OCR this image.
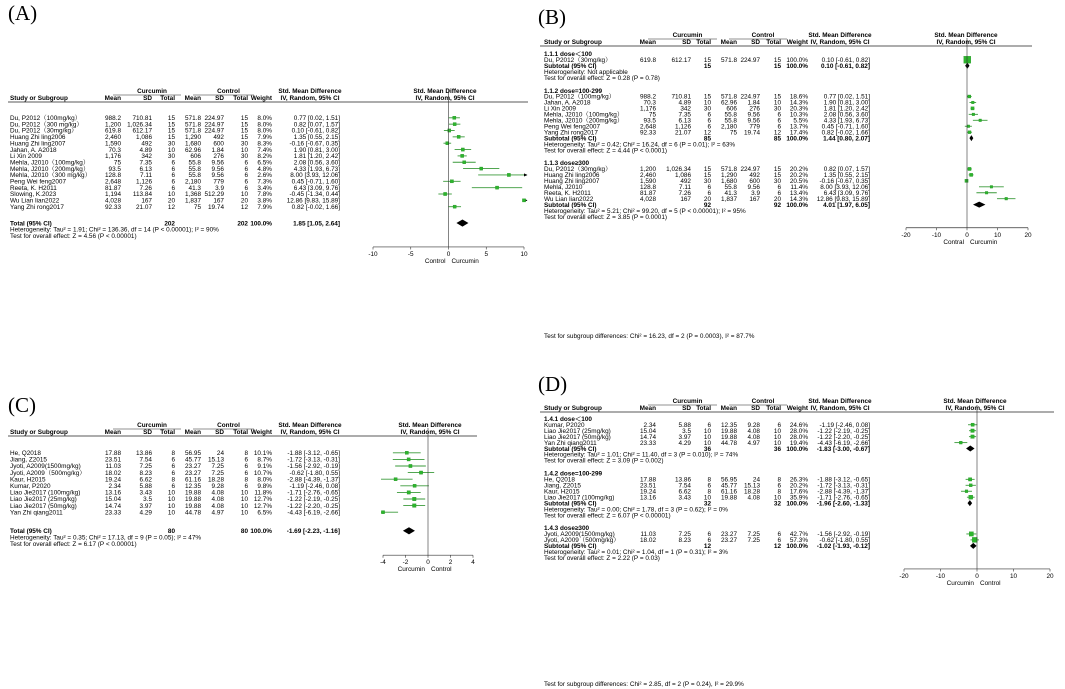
(A)
Curcumin	Control
Study or Subgroup	Mean	SD Total Mean SD Total Weight
Std. Mean Difference
IV, Random, 95% CI
Std. Mean Difference
IV, Random, 95% CI
Du, P2012（100mg/kg）	988.2 710.81 15 571.8 224.97	15 8.0%	0.77 [0.02, 1.51]
Du, P2012（300 mg/kg）	1,200 1,026.34 15 571.8 224.97	15 8.0%	0.82 [0.07, 1.57]
Du, P2012（30mg/kg）	619.8 612.17 15 571.8 224.97	15 8.0%	0.10 [-0.61, 0.82]
Huang Zhi ling2006	2,460 1,086 15 1,290 492	15 7.9%	1.35 [0.55, 2.15]
Huang Zhi ling2007	1,590	492 30 1,680 600	30 8.3%	-0.16 [-0.67, 0.35]
Jahan, A. A2018	70.3	4.89 10 62.96 1.84	10 7.4%	1.90 [0.81, 3.00]
Li Xin 2009	1,176	342 30 606 276	30 8.2%	1.81 [1.20, 2.42]
Mehla, J2010（100mg/kg）	75	7.35	6 55.8 9.56	6 6.5%	2.08 [0.56, 3.60]
Mehla, J2010（200mg/kg）	93.5	6.13	6 55.8 9.56	6 4.8%	4.33 [1.93, 6.73]
Mehla, J2010（300 mg/kg） 128.8	7.11	6 55.8 9.56	6 2.6%	8.00 [3.93, 12.06]
Peng Wei feng2007	2,648 1,126	6 2,180 779	6 7.3%	0.45 [-0.71, 1.60]
Reeta, K. H2011	81.87	7.26	6 41.3 3.9	6 3.4%	6.43 [3.09, 9.76]
Slowing, K.2023	1,194 113.84 10 1,368 512.29	10 7.8%	-0.45 [-1.34, 0.44]
Wu Lian lian2022	4,028	167 20 1,837 167	20 3.8% 12.86 [9.83, 15.89]
Yang Zhi rong2017	92.33 21.07 12	75 19.74	12 7.9%	0.82 [-0.02, 1.66]
Total (95% CI)	202	202 100.0%	1.85 [1.05, 2.64]
Heterogeneity: Tau² = 1.91; Chi² = 136.36, df = 14 (P < 0.00001); I² = 90%
Test for overall effect: Z = 4.56 (P < 0.00001)
-10	-5	0	5	10
Control Curcumin
(B)
Curcumin	Control
Study or Subgroup	Mean	SD Total Mean SD Total Weight
Std. Mean Difference
IV, Random, 95% CI
Std. Mean Difference
IV, Random, 95% CI
1.1.1 dose＜100
Du, P2012（30mg/kg）	619.8 612.17 15 571.8 224.97 15 100.0% 0.10 [-0.61, 0.82]
Subtotal (95% CI)	15	15 100.0% 0.10 [-0.61, 0.82]
Heterogeneity: Not applicable
Test for overall effect: Z = 0.28 (P = 0.78)
1.1.2 dose=100-299
Du, P2012（100mg/kg）	988.2 710.81 15 571.8 224.97 15 18.6% 0.77 [0.02, 1.51]
Jahan, A. A2018	70.3	4.89 10 62.96 1.84 10 14.3% 1.90 [0.81, 3.00]
Li Xin 2009	1,176	342 30 606 276 30 20.3% 1.81 [1.20, 2.42]
Mehla, J2010（100mg/kg）	75	7.35	6 55.8 9.56	6 10.3% 2.08 [0.56, 3.60]
Mehla, J2010（200mg/kg）	93.5	6.13	6 55.8 9.56	6 5.5% 4.33 [1.93, 6.73]
Peng Wei feng2007	2,648	1,126	6 2,180 779	6 13.7% 0.45 [-0.71, 1.60]
Yang Zhi rong2017	92.33	21.07 12	75 19.74 12 17.4% 0.82 [-0.02, 1.66]
Subtotal (95% CI)	85	85 100.0% 1.44 [0.80, 2.07]
Heterogeneity: Tau² = 0.42; Chi² = 16.24, df = 6 (P = 0.01); I² = 63%
Test for overall effect: Z = 4.44 (P < 0.0001)
1.1.3 dose≥300
Du, P2012（30mg/kg）	1,200 1,026.34 15 571.8 224.97 15 20.2% 0.82 [0.07, 1.57]
Huang Zhi ling2006	2,460	1,086 15 1,290 492 15 20.2% 1.35 [0.55, 2.15]
Huang Zhi ling2007	1,590	492 30 1,680 600 30 20.5% -0.16 [-0.67, 0.35]
Mehla, J2010	128.8	7.11	6 55.8 9.56	6 11.4% 8.00 [3.93, 12.06]
Reeta, K. H2011	81.87	7.26	6 41.3 3.9	6 13.4% 6.43 [3.09, 9.76]
Wu Lian lian2022	4,028	167 20 1,837 167 20 14.3% 12.86 [9.83, 15.89]
Subtotal (95% CI)	92	92 100.0% 4.01 [1.97, 6.05]
Heterogeneity: Tau² = 5.21; Chi² = 99.20, df = 5 (P < 0.00001); I² = 95%
Test for overall effect: Z = 3.85 (P = 0.0001)
-20	-10	0	10	20
Contral Curcumin
Test for subgroup differences: Chi² = 16.23, df = 2 (P = 0.0003), I² = 87.7%
(C)
Curcumin	Control
Study or Subgroup	Mean	SD Total Mean SD Total Weight
Std. Mean Difference
IV, Random, 95% CI
Std. Mean Difference
IV, Random, 95% CI
He, Q2018	17.88 13.86	8 56.95 24	8 10.1% -1.88 [-3.12, -0.65]
Jiang, Z2015	23.51	7.54	6 45.77 15.13	6 8.7% -1.72 [-3.13, -0.31]
Jyoti, A2009(1500mg/kg)	11.03	7.25	6 23.27 7.25	6 9.1% -1.56 [-2.92, -0.19]
Jyoti, A2009（500mg/kg）	18.02	8.23	6 23.27 7.25	6 10.7%	-0.62 [-1.80, 0.55]
Kaur, H2015	19.24	6.62	8 61.16 18.28	8 8.0% -2.88 [-4.39, -1.37]
Kumar, P2020	2.34	5.88	6 12.35 9.28	6 9.8%	-1.19 [-2.46, 0.08]
Liao Jie2017 (100mg/kg)	13.16	3.43 10 19.88 4.08	10 11.8% -1.71 [-2.76, -0.65]
Liao Jie2017 (25mg/kg)	15.04	3.5 10 19.88 4.08	10 12.7% -1.22 [-2.19, -0.25]
Liao Jie2017 (50mg/kg)	14.74	3.97 10 19.88 4.08	10 12.7% -1.22 [-2.20, -0.25]
Yan Zhi qiang2011	23.33	4.29 10 44.78 4.97	10 6.5% -4.43 [-6.19, -2.66]
Total (95% CI)	80	80 100.0% -1.69 [-2.23, -1.16]
Heterogeneity: Tau² = 0.35; Chi² = 17.13, df = 9 (P = 0.05); I² = 47%
Test for overall effect: Z = 6.17 (P < 0.00001)
-4	-2	0	2	4
Curcumin Control
(D)
Curcumin	Control
Study or Subgroup	Mean	SD Total Mean SD Total Weight
Std. Mean Difference
IV, Random, 95% CI
Std. Mean Difference
IV, Random, 95% CI
1.4.1 dose＜100
Kumar, P2020	2.34	5.88	6 12.35 9.28	6 24.6% -1.19 [-2.46, 0.08]
Liao Jie2017 (25mg/kg)	15.04	3.5 10 19.88 4.08 10 28.0% -1.22 [-2.19, -0.25]
Liao Jie2017 (50mg/kg)	14.74	3.97 10 19.88 4.08 10 28.0% -1.22 [-2.20, -0.25]
Yan Zhi qiang2011	23.33	4.29 10 44.78 4.97 10 19.4% -4.43 [-6.19, -2.66]
Subtotal (95% CI)	36	36 100.0% -1.83 [-3.00, -0.67]
Heterogeneity: Tau² = 1.01; Chi² = 11.40, df = 3 (P = 0.010); I² = 74%
Test for overall effect: Z = 3.09 (P = 0.002)
1.4.2 dose=100-299
He, Q2018	17.88	13.86	8 56.95 24	8 26.3% -1.88 [-3.12, -0.65]
Jiang, Z2015	23.51	7.54	6 45.77 15.13	6 20.2% -1.72 [-3.13, -0.31]
Kaur, H2015	19.24	6.62	8 61.16 18.28	8 17.6% -2.88 [-4.39, -1.37]
Liao Jie2017 (100mg/kg)	13.16	3.43 10 19.88 4.08 10 35.9% -1.71 [-2.76, -0.65]
Subtotal (95% CI)	32	32 100.0% -1.96 [-2.60, -1.33]
Heterogeneity: Tau² = 0.00; Chi² = 1.78, df = 3 (P = 0.62); I² = 0%
Test for overall effect: Z = 6.07 (P < 0.00001)
1.4.3 dose≥300
Jyoti, A2009(1500mg/kg)	11.03	7.25	6 23.27 7.25	6 42.7% -1.56 [-2.92, -0.19]
Jyoti, A2009（500mg/kg）	18.02	8.23	6 23.27 7.25	6 57.3% -0.62 [-1.80, 0.55]
Subtotal (95% CI)	12	12 100.0% -1.02 [-1.93, -0.12]
Heterogeneity: Tau² = 0.01; Chi² = 1.04, df = 1 (P = 0.31); I² = 3%
Test for overall effect: Z = 2.22 (P = 0.03)
-20	-10	0	10	20
Curcumin Control
Test for subgroup differences: Chi² = 2.85, df = 2 (P = 0.24), I² = 29.9%
